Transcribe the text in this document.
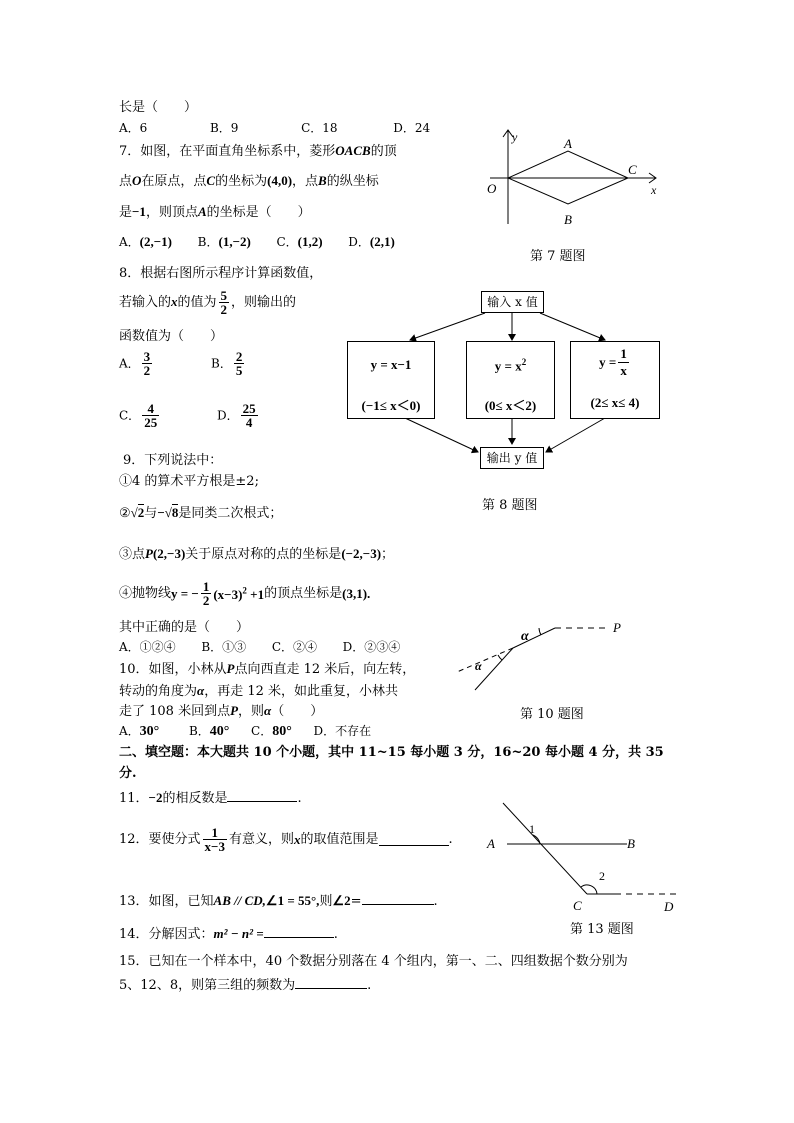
长是（　　）
A．6	B．9	C．18	D．24
7．如图，在平面直角坐标系中，菱形OACB的顶
点O在原点，点C的坐标为(4,0)，点B的纵坐标
是−1，则顶点A的坐标是（　　）
A．(2,−1) B．(1,−2) C．(1,2) D．(2,1)
y
x
O
A
B
C
第 7 题图
8．根据右图所示程序计算函数值，
若输入的x的值为 $\frac{5}{2}$ ，则输出的
函数值为（　　）
A． $\frac{3}{2}$	B． $\frac{2}{5}$
C． $\frac{4}{25}$	D． $\frac{25}{4}$
输入 x 值
y = x−1
(−1≤ x＜0)
$y = x^2$
(0≤ x＜2)
$y = \frac{1}{x}$
(2≤ x≤ 4)
输出 y 值
第 8 题图
9．下列说法中：
①4 的算术平方根是±2;
②√2与−√8是同类二次根式；
③点P(2,−3)关于原点对称的点的坐标是(−2,−3)；
④抛物线y = − $\frac{1}{2} (x-3)^2 +1$的顶点坐标是(3,1).
其中正确的是（　　）
A．①②④ B．①③ C．②④ D．②③④
10．如图，小林从P点向西直走 12 米后，向左转，
转动的角度为α，再走 12 米，如此重复，小林共
走了 108 米回到点P，则α（　　）
A．30° B．40° C．80° D．不存在
P
α
α
第 10 题图
二、填空题：本大题共 10 个小题，其中 11~15 每小题 3 分，16~20 每小题 4 分，共 35
分.
11．−2的相反数是	.
12．要使分式 $\frac{1}{x-3}$ 有意义，则x的取值范围是	.
13．如图，已知AB // CD,∠1 = 55°,则∠2=	.
A	B
C	D
1
2
第 13 题图
14．分解因式：m² − n² =	.
15．已知在一个样本中，40 个数据分别落在 4 个组内，第一、二、四组数据个数分别为
5、12、8，则第三组的频数为	.
